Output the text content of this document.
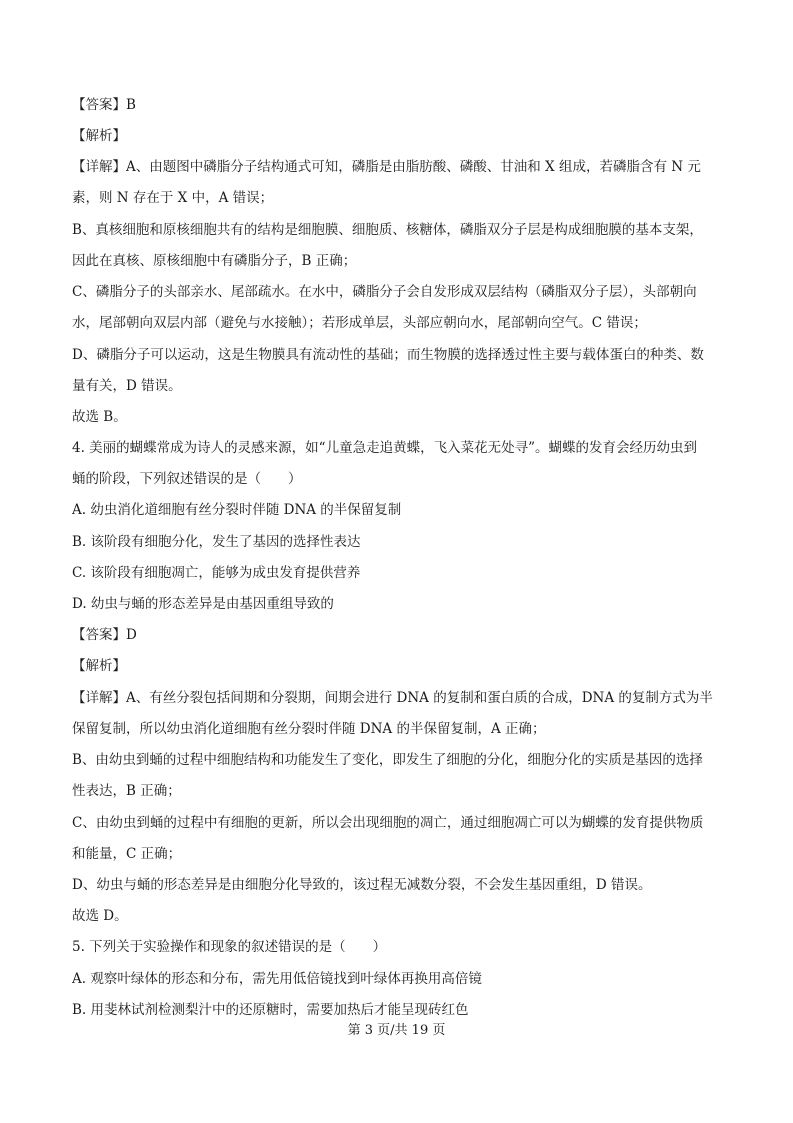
【答案】B
【解析】
【详解】A、由题图中磷脂分子结构通式可知，磷脂是由脂肪酸、磷酸、甘油和 X 组成，若磷脂含有 N 元
素，则 N 存在于 X 中，A 错误；
B、真核细胞和原核细胞共有的结构是细胞膜、细胞质、核糖体，磷脂双分子层是构成细胞膜的基本支架，
因此在真核、原核细胞中有磷脂分子，B 正确；
C、磷脂分子的头部亲水、尾部疏水。在水中，磷脂分子会自发形成双层结构（磷脂双分子层），头部朝向
水，尾部朝向双层内部（避免与水接触）；若形成单层，头部应朝向水，尾部朝向空气。C 错误；
D、磷脂分子可以运动，这是生物膜具有流动性的基础；而生物膜的选择透过性主要与载体蛋白的种类、数
量有关，D 错误。
故选 B。
4. 美丽的蝴蝶常成为诗人的灵感来源，如“儿童急走追黄蝶，飞入菜花无处寻”。蝴蝶的发育会经历幼虫到
蛹的阶段，下列叙述错误的是（　　）
A. 幼虫消化道细胞有丝分裂时伴随 DNA 的半保留复制
B. 该阶段有细胞分化，发生了基因的选择性表达
C. 该阶段有细胞凋亡，能够为成虫发育提供营养
D. 幼虫与蛹的形态差异是由基因重组导致的
【答案】D
【解析】
【详解】A、有丝分裂包括间期和分裂期，间期会进行 DNA 的复制和蛋白质的合成，DNA 的复制方式为半
保留复制，所以幼虫消化道细胞有丝分裂时伴随 DNA 的半保留复制，A 正确；
B、由幼虫到蛹的过程中细胞结构和功能发生了变化，即发生了细胞的分化，细胞分化的实质是基因的选择
性表达，B 正确；
C、由幼虫到蛹的过程中有细胞的更新，所以会出现细胞的凋亡，通过细胞凋亡可以为蝴蝶的发育提供物质
和能量，C 正确；
D、幼虫与蛹的形态差异是由细胞分化导致的，该过程无减数分裂，不会发生基因重组，D 错误。
故选 D。
5. 下列关于实验操作和现象的叙述错误的是（　　）
A. 观察叶绿体的形态和分布，需先用低倍镜找到叶绿体再换用高倍镜
B. 用斐林试剂检测梨汁中的还原糖时，需要加热后才能呈现砖红色
第 3 页/共 19 页
